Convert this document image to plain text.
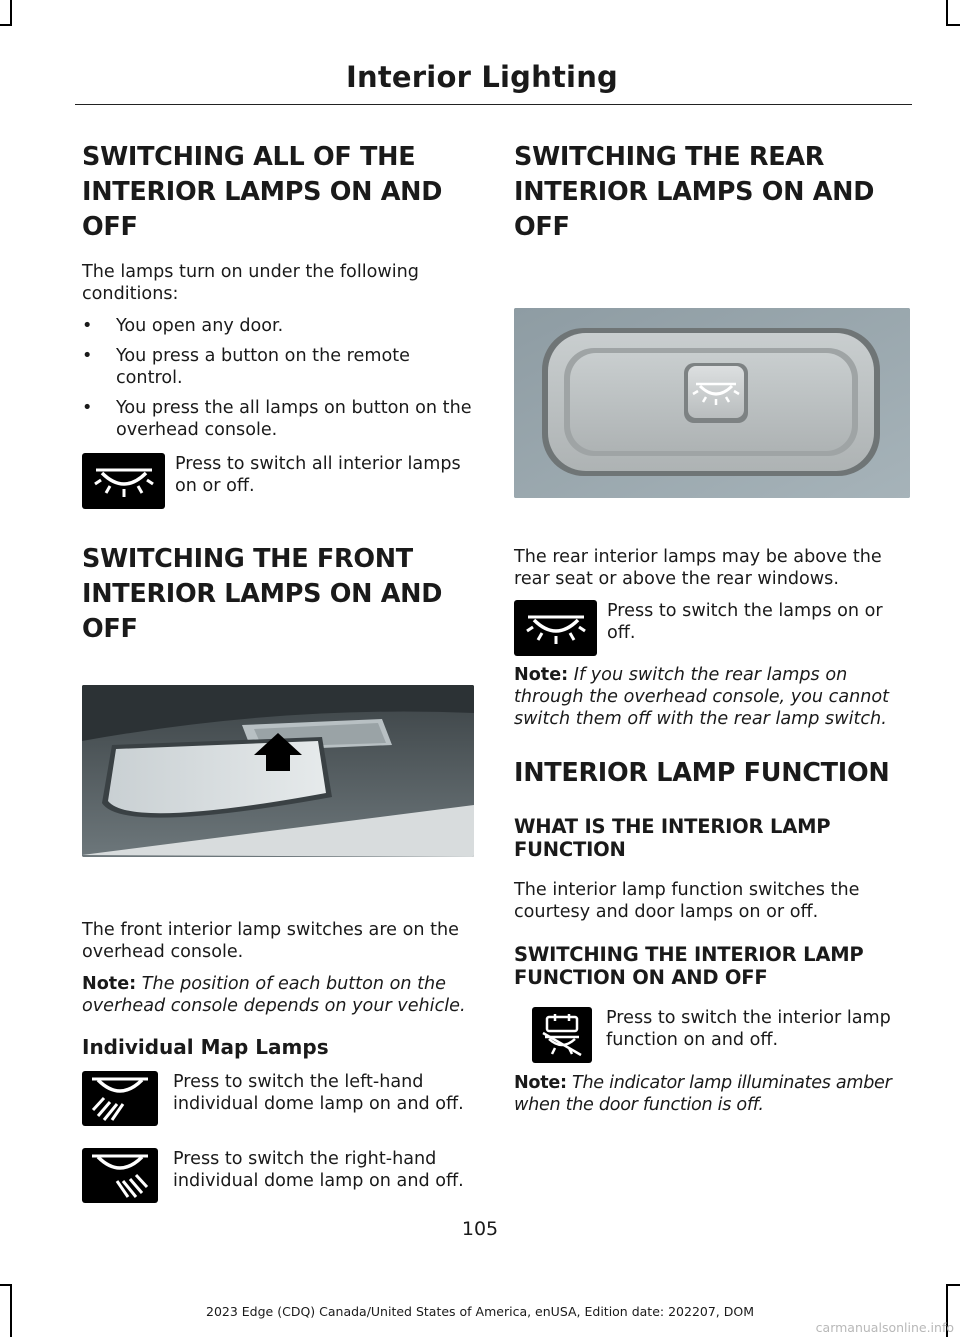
Interior Lighting
SWITCHING ALL OF THE
INTERIOR LAMPS ON AND OFF

The lamps turn on under the following conditions:

• You open any door.
• You press a button on the remote control.
• You press the all lamps on button on the overhead console.

Press to switch all interior lamps on or off.

SWITCHING THE FRONT
INTERIOR LAMPS ON AND OFF

The front interior lamp switches are on the overhead console.

Note: The position of each button on the overhead console depends on your vehicle.

Individual Map Lamps

Press to switch the left-hand individual dome lamp on and off.

Press to switch the right-hand individual dome lamp on and off.

SWITCHING THE REAR
INTERIOR LAMPS ON AND OFF

The rear interior lamps may be above the rear seat or above the rear windows.

Press to switch the lamps on or off.

Note: If you switch the rear lamps on through the overhead console, you cannot switch them off with the rear lamp switch.

INTERIOR LAMP FUNCTION
WHAT IS THE INTERIOR LAMP
FUNCTION

The interior lamp function switches the courtesy and door lamps on or off.

SWITCHING THE INTERIOR LAMP
FUNCTION ON AND OFF

Press to switch the interior lamp function on and off.

Note: The indicator lamp illuminates amber when the door function is off.

105
2023 Edge (CDQ) Canada/United States of America, enUSA, Edition date: 202207, DOM
carmanualsonline.info
